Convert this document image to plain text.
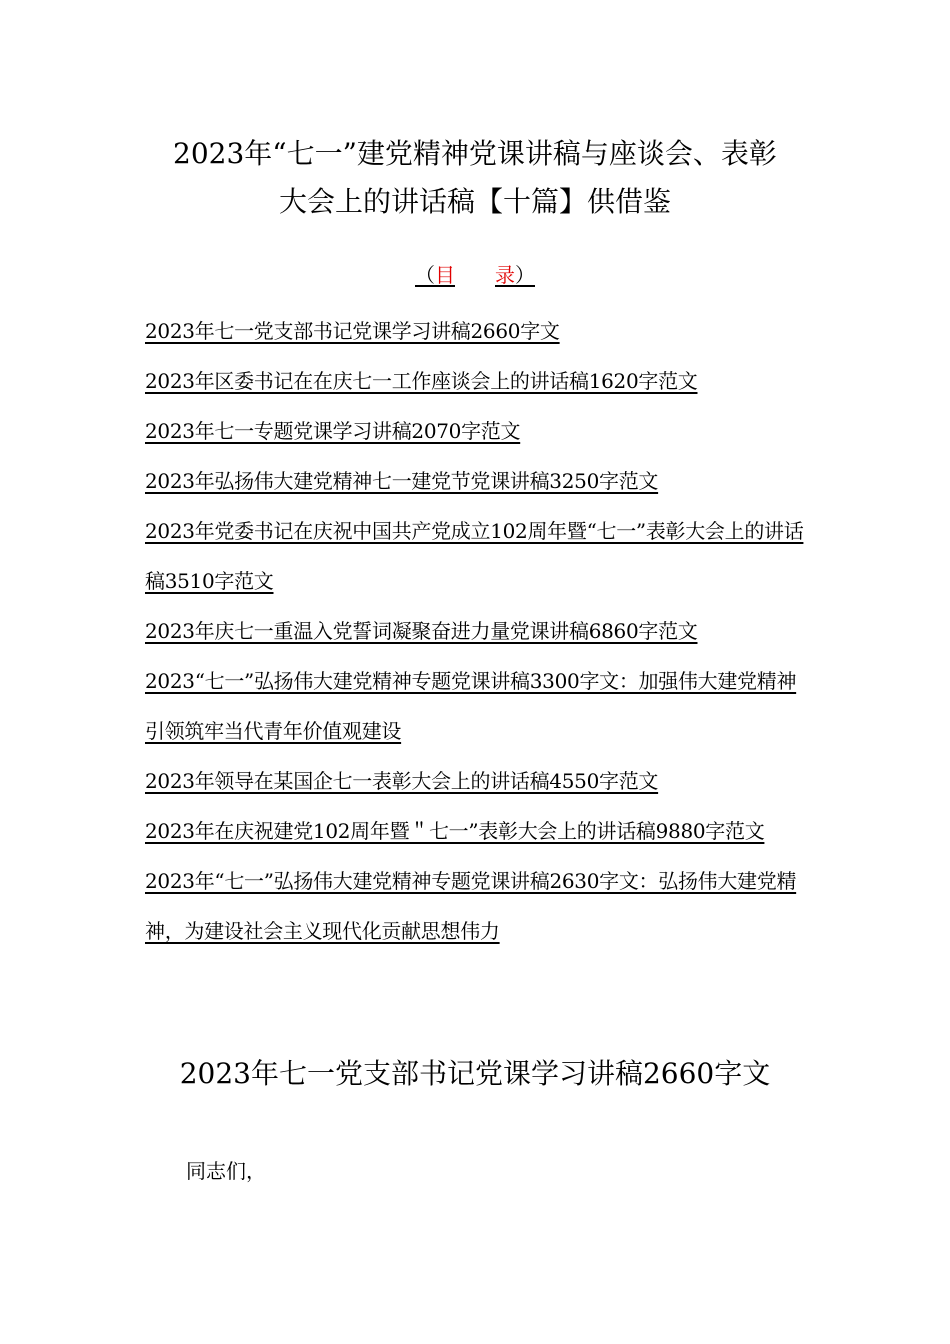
2023年“七一”建党精神党课讲稿与座谈会、表彰
大会上的讲话稿【十篇】供借鉴
（目 录）
2023年七一党支部书记党课学习讲稿2660字文
2023年区委书记在在庆七一工作座谈会上的讲话稿1620字范文
2023年七一专题党课学习讲稿2070字范文
2023年弘扬伟大建党精神七一建党节党课讲稿3250字范文
2023年党委书记在庆祝中国共产党成立102周年暨“七一”表彰大会上的讲话稿3510字范文
2023年庆七一重温入党誓词凝聚奋进力量党课讲稿6860字范文
2023“七一”弘扬伟大建党精神专题党课讲稿3300字文：加强伟大建党精神引领筑牢当代青年价值观建设
2023年领导在某国企七一表彰大会上的讲话稿4550字范文
2023年在庆祝建党102周年暨＂七一”表彰大会上的讲话稿9880字范文
2023年“七一”弘扬伟大建党精神专题党课讲稿2630字文：弘扬伟大建党精神，为建设社会主义现代化贡献思想伟力
2023年七一党支部书记党课学习讲稿2660字文
同志们，
